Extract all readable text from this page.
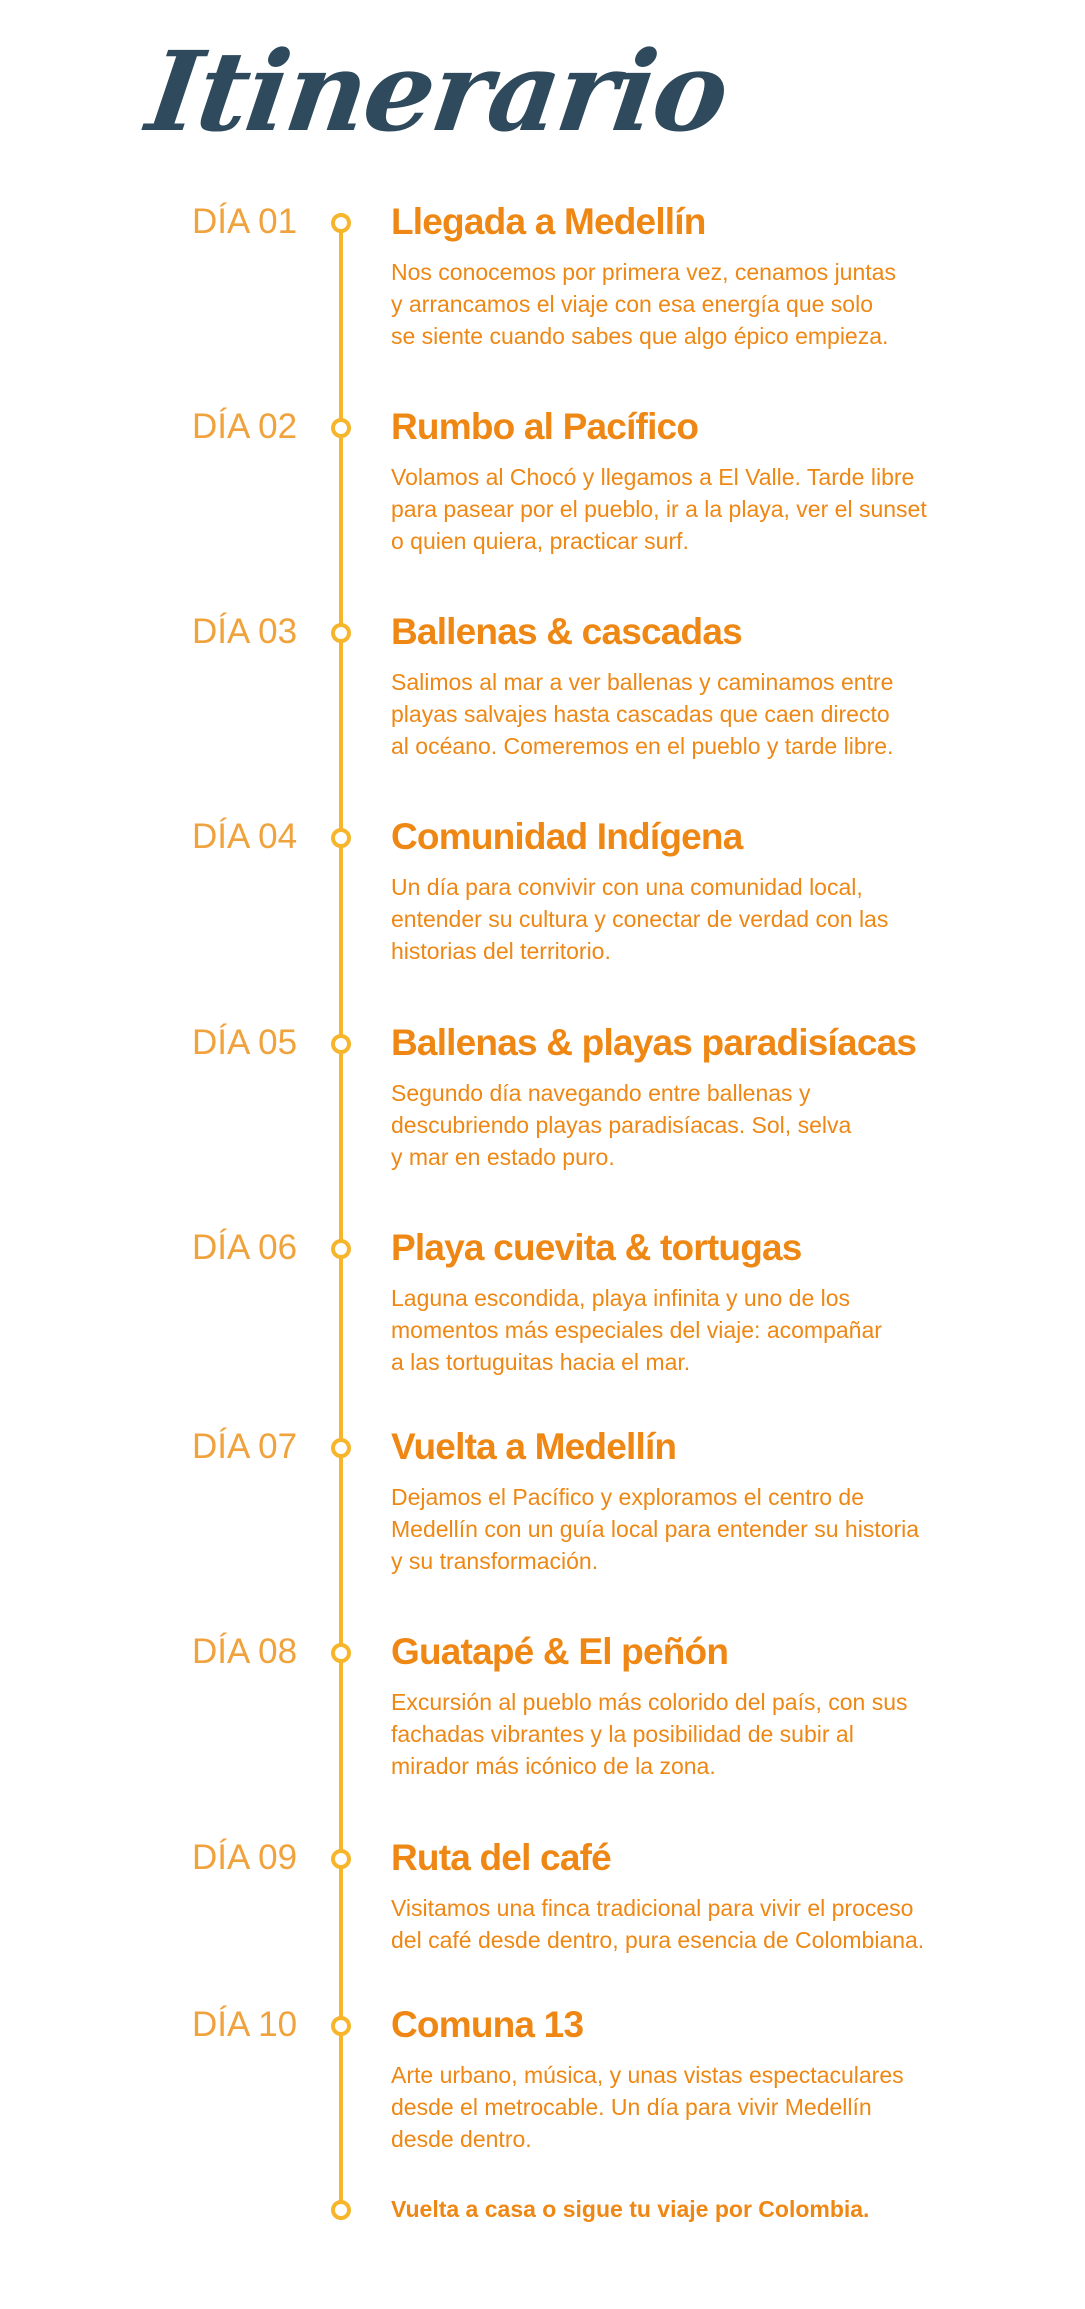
Itinerario
DÍA 01	Llegada a Medellín
Nos conocemos por primera vez, cenamos juntas
y arrancamos el viaje con esa energía que solo
se siente cuando sabes que algo épico empieza.
DÍA 02	Rumbo al Pacífico
Volamos al Chocó y llegamos a El Valle. Tarde libre
para pasear por el pueblo, ir a la playa, ver el sunset
o quien quiera, practicar surf.
DÍA 03	Ballenas & cascadas
Salimos al mar a ver ballenas y caminamos entre
playas salvajes hasta cascadas que caen directo
al océano. Comeremos en el pueblo y tarde libre.
DÍA 04	Comunidad Indígena
Un día para convivir con una comunidad local,
entender su cultura y conectar de verdad con las
historias del territorio.
DÍA 05	Ballenas & playas paradisíacas
Segundo día navegando entre ballenas y
descubriendo playas paradisíacas. Sol, selva
y mar en estado puro.
DÍA 06	Playa cuevita & tortugas
Laguna escondida, playa infinita y uno de los
momentos más especiales del viaje: acompañar
a las tortuguitas hacia el mar.
DÍA 07	Vuelta a Medellín
Dejamos el Pacífico y exploramos el centro de
Medellín con un guía local para entender su historia
y su transformación.
DÍA 08	Guatapé & El peñón
Excursión al pueblo más colorido del país, con sus
fachadas vibrantes y la posibilidad de subir al
mirador más icónico de la zona.
DÍA 09	Ruta del café
Visitamos una finca tradicional para vivir el proceso
del café desde dentro, pura esencia de Colombiana.
DÍA 10	Comuna 13
Arte urbano, música, y unas vistas espectaculares
desde el metrocable. Un día para vivir Medellín
desde dentro.
Vuelta a casa o sigue tu viaje por Colombia.
